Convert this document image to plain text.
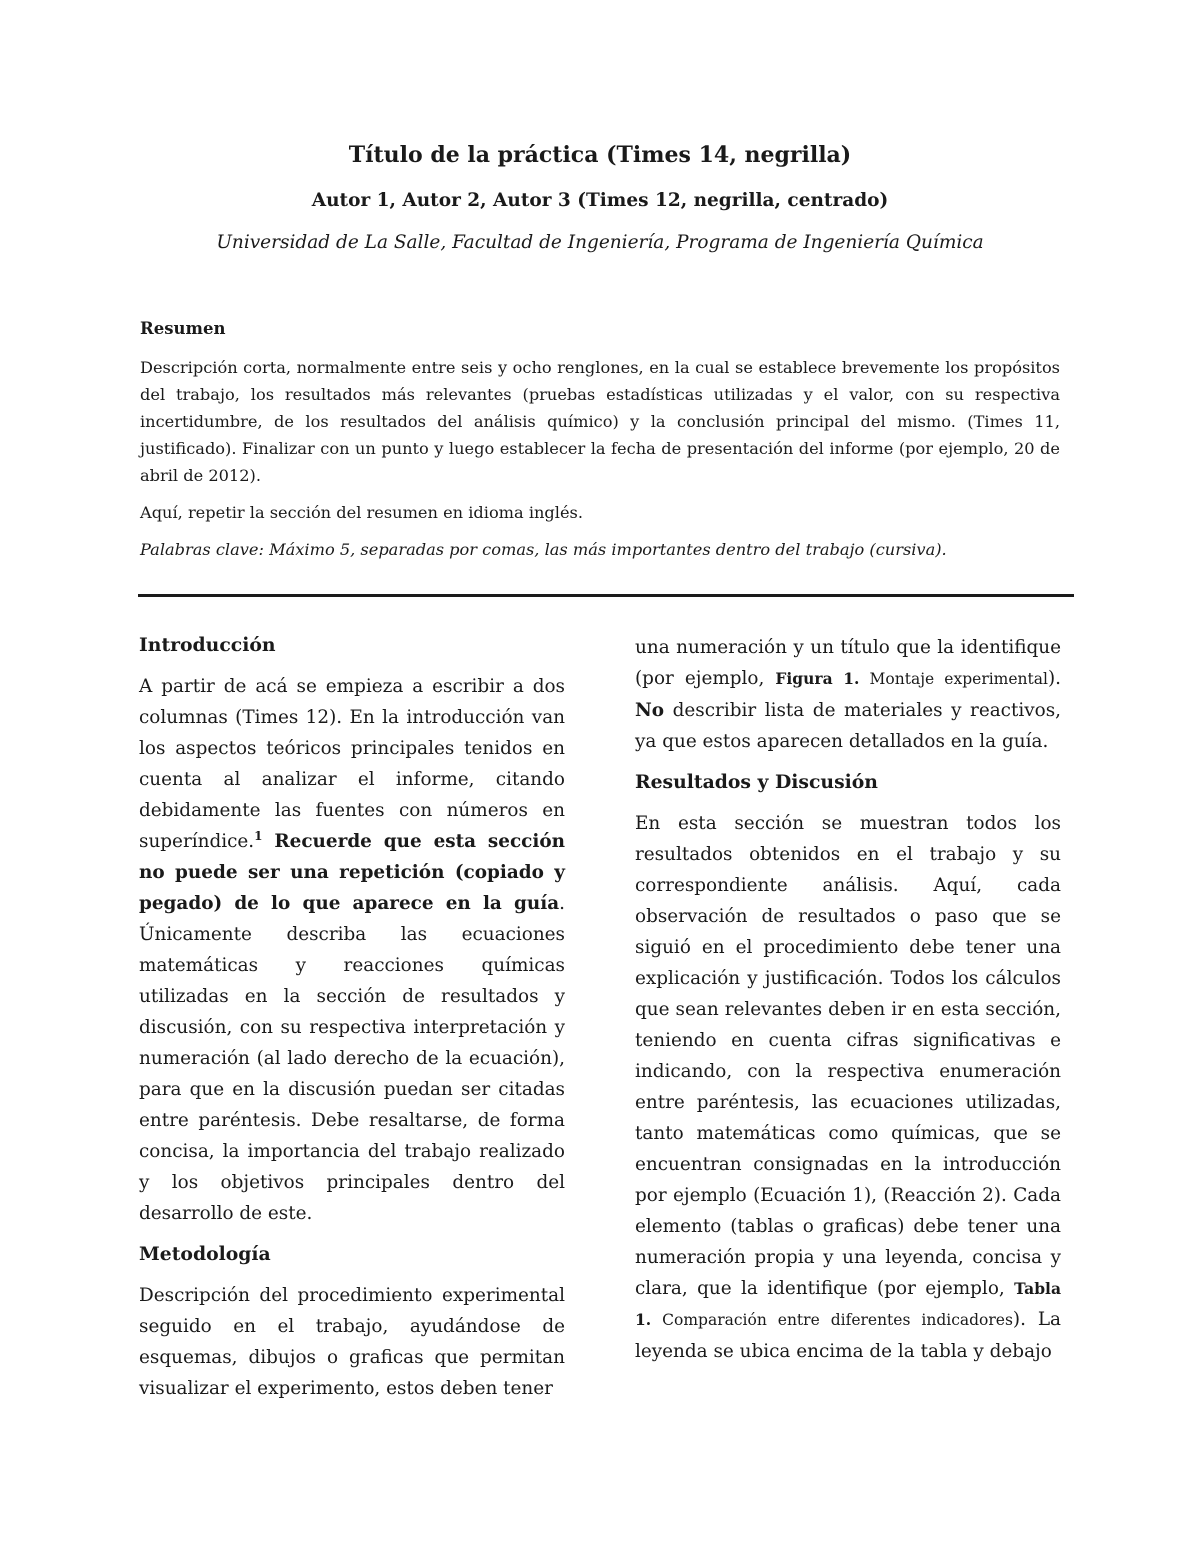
Título de la práctica (Times 14, negrilla)
Autor 1, Autor 2, Autor 3 (Times 12, negrilla, centrado)
Universidad de La Salle, Facultad de Ingeniería, Programa de Ingeniería Química
Resumen

Descripción corta, normalmente entre seis y ocho renglones, en la cual se establece brevemente los propósitos del trabajo, los resultados más relevantes (pruebas estadísticas utilizadas y el valor, con su respectiva incertidumbre, de los resultados del análisis químico) y la conclusión principal del mismo. (Times 11, justificado). Finalizar con un punto y luego establecer la fecha de presentación del informe (por ejemplo, 20 de abril de 2012).

Aquí, repetir la sección del resumen en idioma inglés.

Palabras clave: Máximo 5, separadas por comas, las más importantes dentro del trabajo (cursiva).

Introducción

A partir de acá se empieza a escribir a dos columnas (Times 12). En la introducción van los aspectos teóricos principales tenidos en cuenta al analizar el informe, citando debidamente las fuentes con números en superíndice.$^1$ Recuerde que esta sección no puede ser una repetición (copiado y pegado) de lo que aparece en la guía. Únicamente describa las ecuaciones matemáticas y reacciones químicas utilizadas en la sección de resultados y discusión, con su respectiva interpretación y numeración (al lado derecho de la ecuación), para que en la discusión puedan ser citadas entre paréntesis. Debe resaltarse, de forma concisa, la importancia del trabajo realizado y los objetivos principales dentro del desarrollo de este.

Metodología

Descripción del procedimiento experimental seguido en el trabajo, ayudándose de esquemas, dibujos o graficas que permitan visualizar el experimento, estos deben tener

una numeración y un título que la identifique (por ejemplo, Figura 1. Montaje experimental). No describir lista de materiales y reactivos, ya que estos aparecen detallados en la guía.

Resultados y Discusión

En esta sección se muestran todos los resultados obtenidos en el trabajo y su correspondiente análisis. Aquí, cada observación de resultados o paso que se siguió en el procedimiento debe tener una explicación y justificación. Todos los cálculos que sean relevantes deben ir en esta sección, teniendo en cuenta cifras significativas e indicando, con la respectiva enumeración entre paréntesis, las ecuaciones utilizadas, tanto matemáticas como químicas, que se encuentran consignadas en la introducción por ejemplo (Ecuación 1), (Reacción 2). Cada elemento (tablas o graficas) debe tener una numeración propia y una leyenda, concisa y clara, que la identifique (por ejemplo, Tabla 1. Comparación entre diferentes indicadores). La leyenda se ubica encima de la tabla y debajo
